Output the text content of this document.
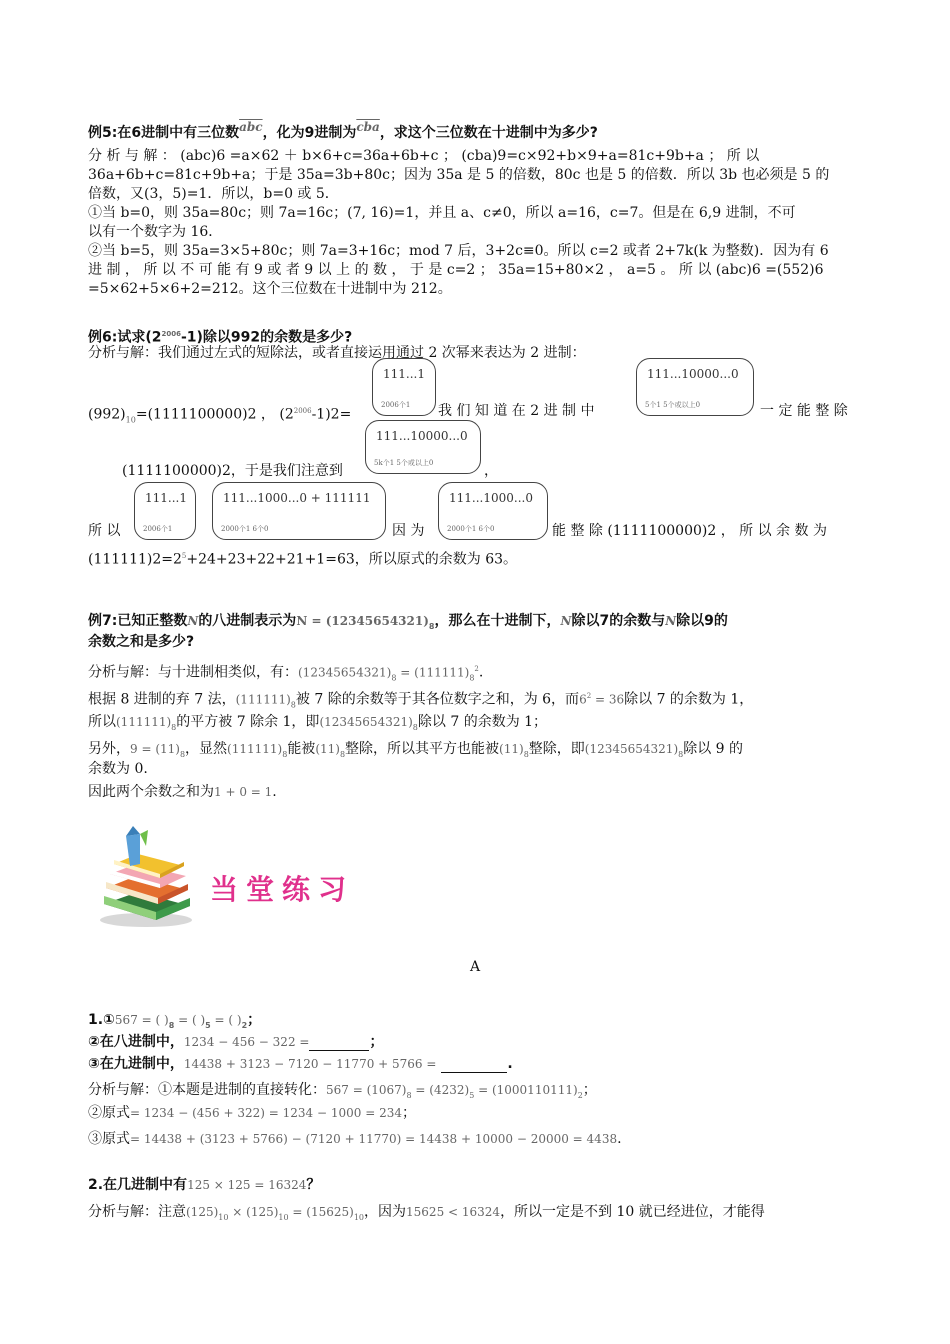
例5:在6进制中有三位数$\overline{abc}$，化为9进制为$\overline{cba}$，求这个三位数在十进制中为多少?
分 析 与 解 ： (abc)6 =a×62 ＋ b×6+c=36a+6b+c ； (cba)9=c×92+b×9+a=81c+9b+a ； 所 以
36a+6b+c=81c+9b+a；于是 35a=3b+80c；因为 35a 是 5 的倍数，80c 也是 5 的倍数．所以 3b 也必须是 5 的
倍数，又(3，5)=1．所以，b=0 或 5．
①当 b=0，则 35a=80c；则 7a=16c；(7, 16)=1，并且 a、c≠0，所以 a=16，c=7。但是在 6,9 进制，不可
以有一个数字为 16．
②当 b=5，则 35a=3×5+80c；则 7a=3+16c；mod 7 后，3+2c≡0。所以 c=2 或者 2+7k(k 为整数)．因为有 6
进 制 ， 所 以 不 可 能 有 9 或 者 9 以 上 的 数 ， 于 是 c=2 ； 35a=15+80×2 ， a=5 。 所 以 (abc)6 =(552)6
=5×62+5×6+2=212。这个三位数在十进制中为 212。
例6:试求$(2^{2006}-1)$除以992的余数是多少?
分析与解：我们通过左式的短除法，或者直接运用通过 2 次幂来表达为 2 进制：
111...1
2006个1
111...10000...0
5个1 5个或以上0
$(992)_{10}=(1111100000)2$ ， $(2^{2006}-1)2=$	我 们 知 道 在 2 进 制 中	一 定 能 整 除
111...10000...0
5k个1 5个或以上0
(1111100000)2，于是我们注意到	，
111...1
2006个1
111...1000...0 + 111111
2000个1 6个0
111...1000...0
2000个1 6个0
所 以	因 为	能 整 除 (1111100000)2 ， 所 以 余 数 为
$(111111)2=2^5+24+23+22+21+1=63$，所以原式的余数为 63。
例7:已知正整数N的八进制表示为$N = (12345654321)_8$，那么在十进制下，N除以7的余数与N除以9的
余数之和是多少?
分析与解：与十进制相类似，有：$(12345654321)_8 = (111111)_8^2$.
根据 8 进制的弃 7 法，$(111111)_8$被 7 除的余数等于其各位数字之和，为 6，而$6^2 = 36$除以 7 的余数为 1，
所以$(111111)_8$的平方被 7 除余 1，即$(12345654321)_8$除以 7 的余数为 1；
另外，$9 = (11)_8$，显然$(111111)_8$能被$(11)_8$整除，所以其平方也能被$(11)_8$整除，即$(12345654321)_8$除以 9 的
余数为 0.
因此两个余数之和为1 + 0 = 1.
当堂练习
A
1.①567 = ( )$_8$ = ( )$_5$ = ( )$_2$；
②在八进制中，1234 − 456 − 322 =	；
③在九进制中，14438 + 3123 − 7120 − 11770 + 5766 =	.
分析与解：①本题是进制的直接转化：$567 = (1067)_8 = (4232)_5 = (1000110111)_2$；
②原式= 1234 − (456 + 322) = 1234 − 1000 = 234；
③原式= 14438 + (3123 + 5766) − (7120 + 11770) = 14438 + 10000 − 20000 = 4438.
2.在几进制中有125 × 125 = 16324？
分析与解：注意$(125)_{10} \times (125)_{10} = (15625)_{10}$，因为15625 < 16324，所以一定是不到 10 就已经进位，才能得
